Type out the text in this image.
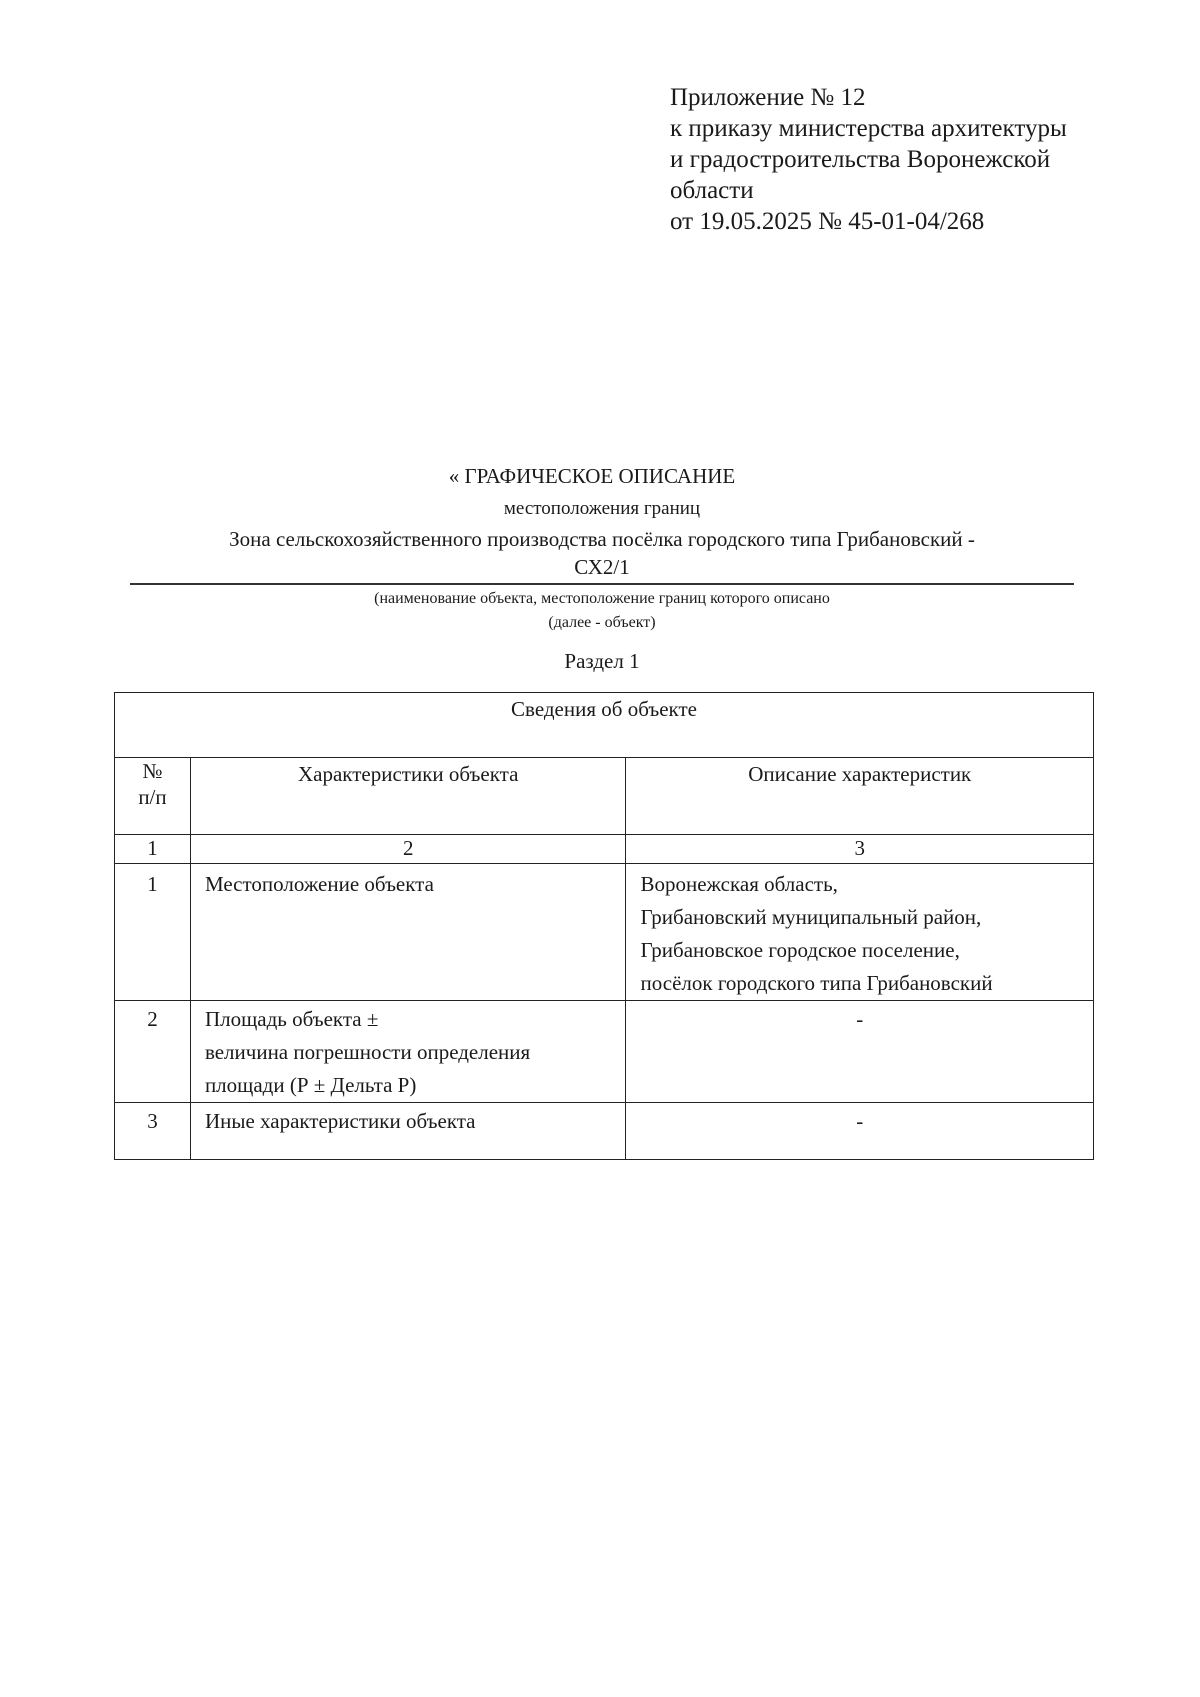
Приложение № 12
к приказу министерства архитектуры
и градостроительства Воронежской
области
от 19.05.2025 № 45-01-04/268
« ГРАФИЧЕСКОЕ ОПИСАНИЕ
местоположения границ
Зона сельскохозяйственного производства посёлка городского типа Грибановский -
СХ2/1
(наименование объекта, местоположение границ которого описано
(далее - объект)
Раздел 1
Сведения об объекте		

№
п/п	Характеристики объекта	Описание характеристик
1	2	3
1	Местоположение объекта	Воронежская область,
Грибановский муниципальный район,
Грибановское городское поселение,
посёлок городского типа Грибановский

2	Площадь объекта ±
величина погрешности определения
площади (Р ± Дельта Р)	-
3	Иные характеристики объекта	-
